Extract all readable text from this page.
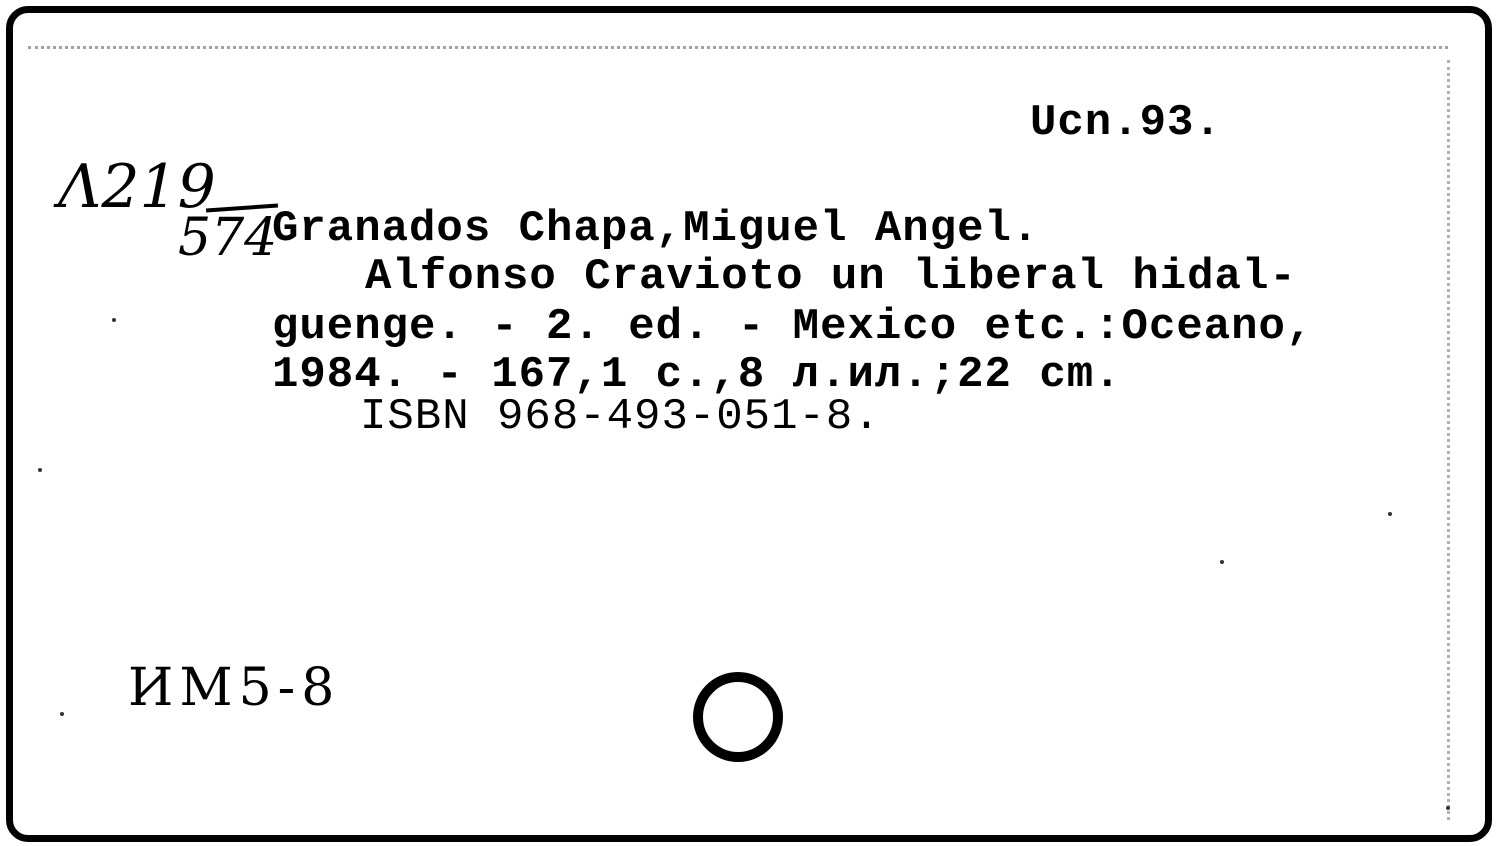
Ucn.93.
Λ219
574
Granados Chapa,Miguel Angel.
Alfonso Cravioto un liberal hidal-
guenge. - 2. ed. - Mexico etc.:Oceano,
1984. - 167,1 c.,8 л.ил.;22 cm.
ISBN 968-493-051-8.
ИМ5-8
